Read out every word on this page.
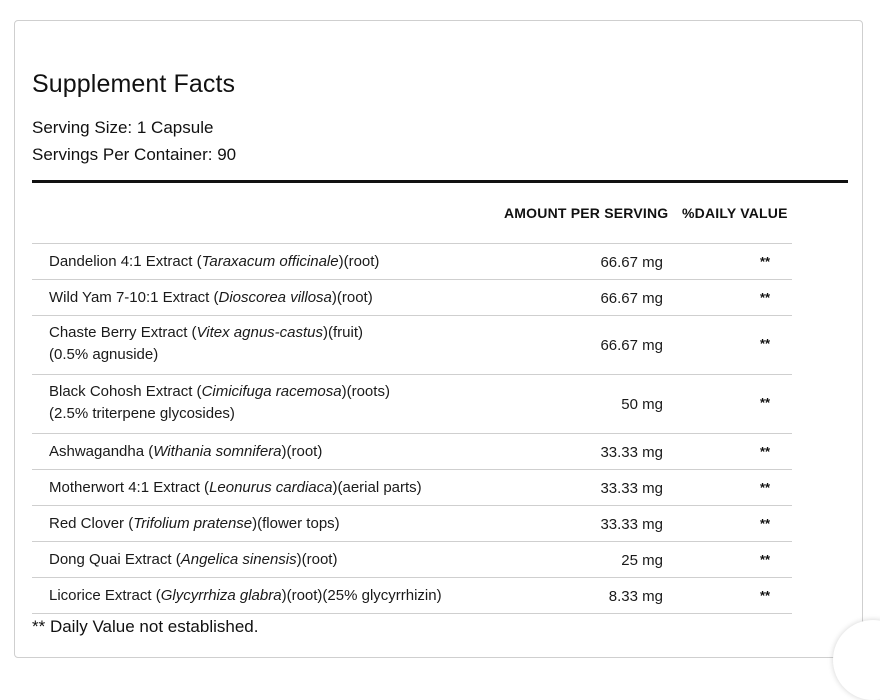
Supplement Facts
Serving Size: 1 Capsule
Servings Per Container: 90
AMOUNT PER SERVING %DAILY VALUE
Dandelion 4:1 Extract (Taraxacum officinale)(root)	66.67 mg	**
Wild Yam 7-10:1 Extract (Dioscorea villosa)(root)	66.67 mg	**
Chaste Berry Extract (Vitex agnus-castus)(fruit)
(0.5% agnuside)
66.67 mg	**
Black Cohosh Extract (Cimicifuga racemosa)(roots)
(2.5% triterpene glycosides)
50 mg	**
Ashwagandha (Withania somnifera)(root)	33.33 mg	**
Motherwort 4:1 Extract (Leonurus cardiaca)(aerial parts)	33.33 mg	**
Red Clover (Trifolium pratense)(flower tops)	33.33 mg	**
Dong Quai Extract (Angelica sinensis)(root)	25 mg	**
Licorice Extract (Glycyrrhiza glabra)(root)(25% glycyrrhizin)	8.33 mg	**
** Daily Value not established.
